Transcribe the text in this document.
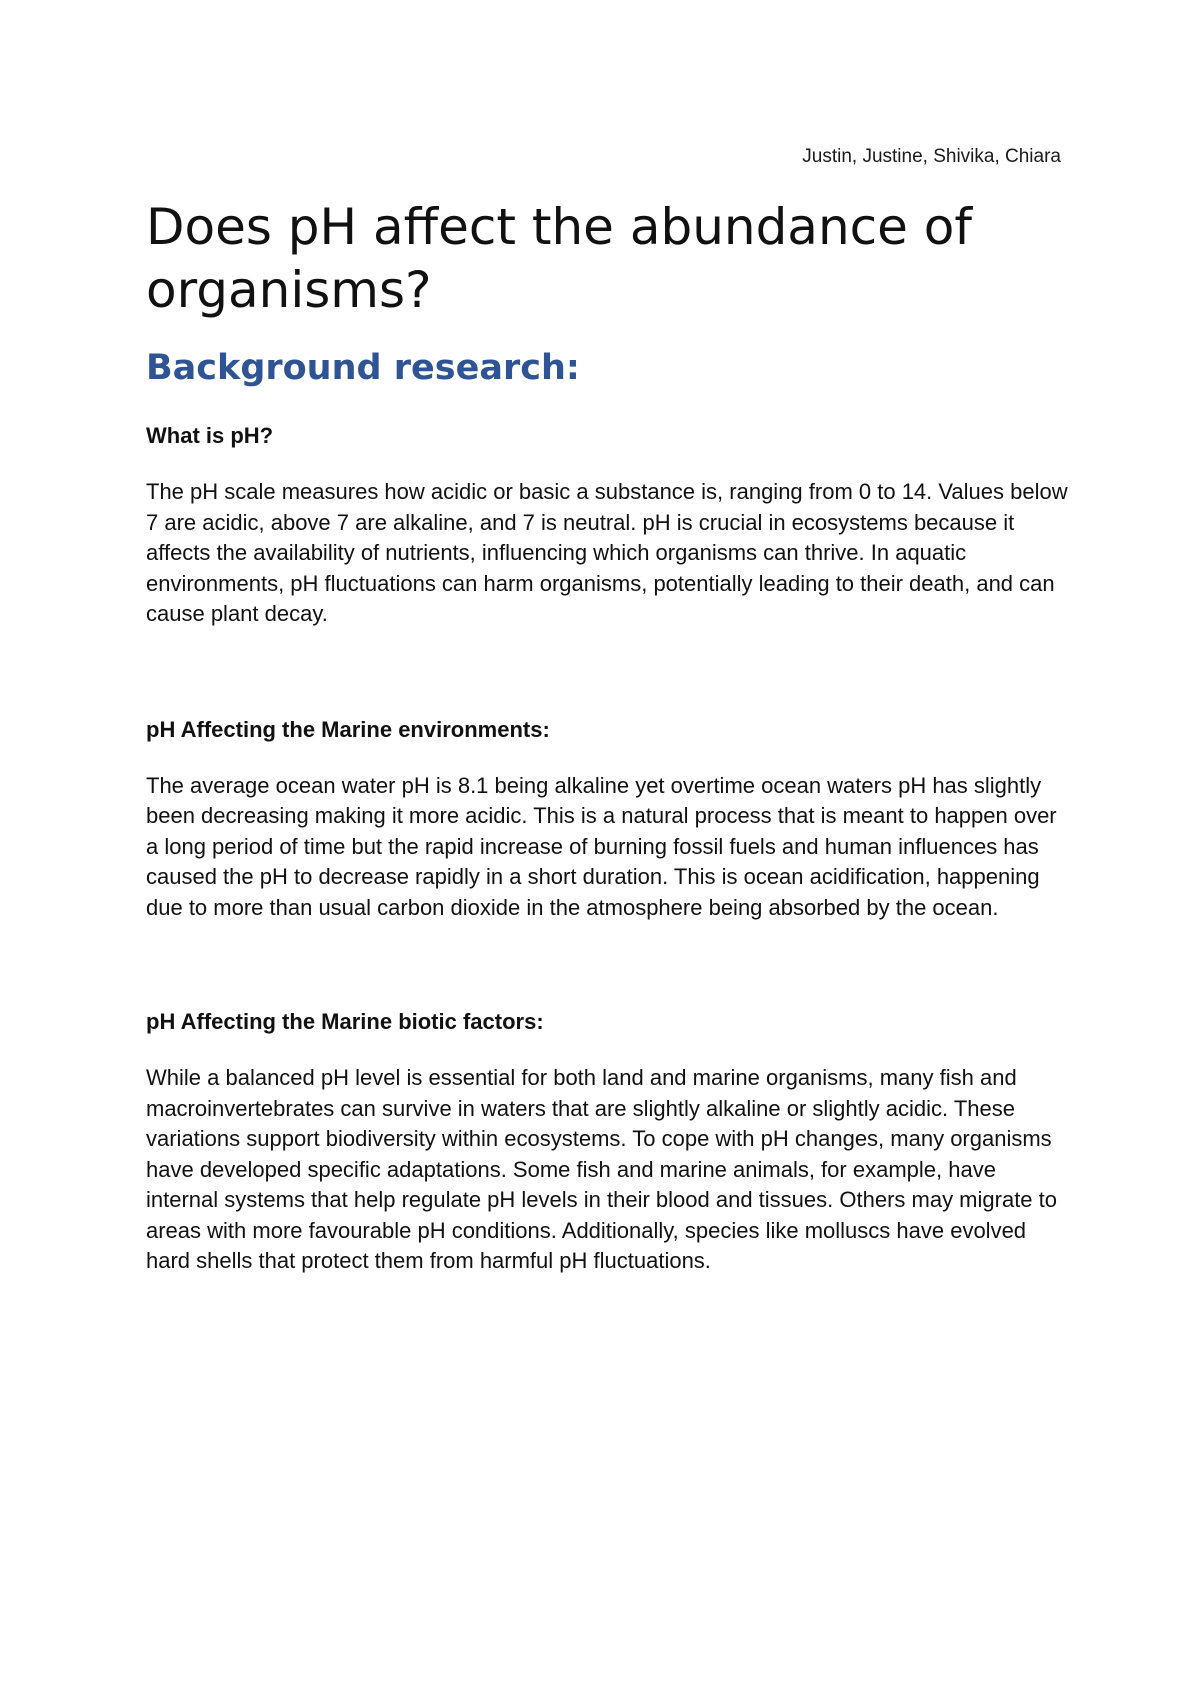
Justin, Justine, Shivika, Chiara
Does pH affect the abundance of organisms?
Background research:
What is pH?

The pH scale measures how acidic or basic a substance is, ranging from 0 to 14. Values below 7 are acidic, above 7 are alkaline, and 7 is neutral. pH is crucial in ecosystems because it affects the availability of nutrients, influencing which organisms can thrive. In aquatic environments, pH fluctuations can harm organisms, potentially leading to their death, and can cause plant decay.

pH Affecting the Marine environments:

The average ocean water pH is 8.1 being alkaline yet overtime ocean waters pH has slightly been decreasing making it more acidic. This is a natural process that is meant to happen over a long period of time but the rapid increase of burning fossil fuels and human influences has caused the pH to decrease rapidly in a short duration. This is ocean acidification, happening due to more than usual carbon dioxide in the atmosphere being absorbed by the ocean.

pH Affecting the Marine biotic factors:

While a balanced pH level is essential for both land and marine organisms, many fish and macroinvertebrates can survive in waters that are slightly alkaline or slightly acidic. These variations support biodiversity within ecosystems. To cope with pH changes, many organisms have developed specific adaptations. Some fish and marine animals, for example, have internal systems that help regulate pH levels in their blood and tissues. Others may migrate to areas with more favourable pH conditions. Additionally, species like molluscs have evolved hard shells that protect them from harmful pH fluctuations.
